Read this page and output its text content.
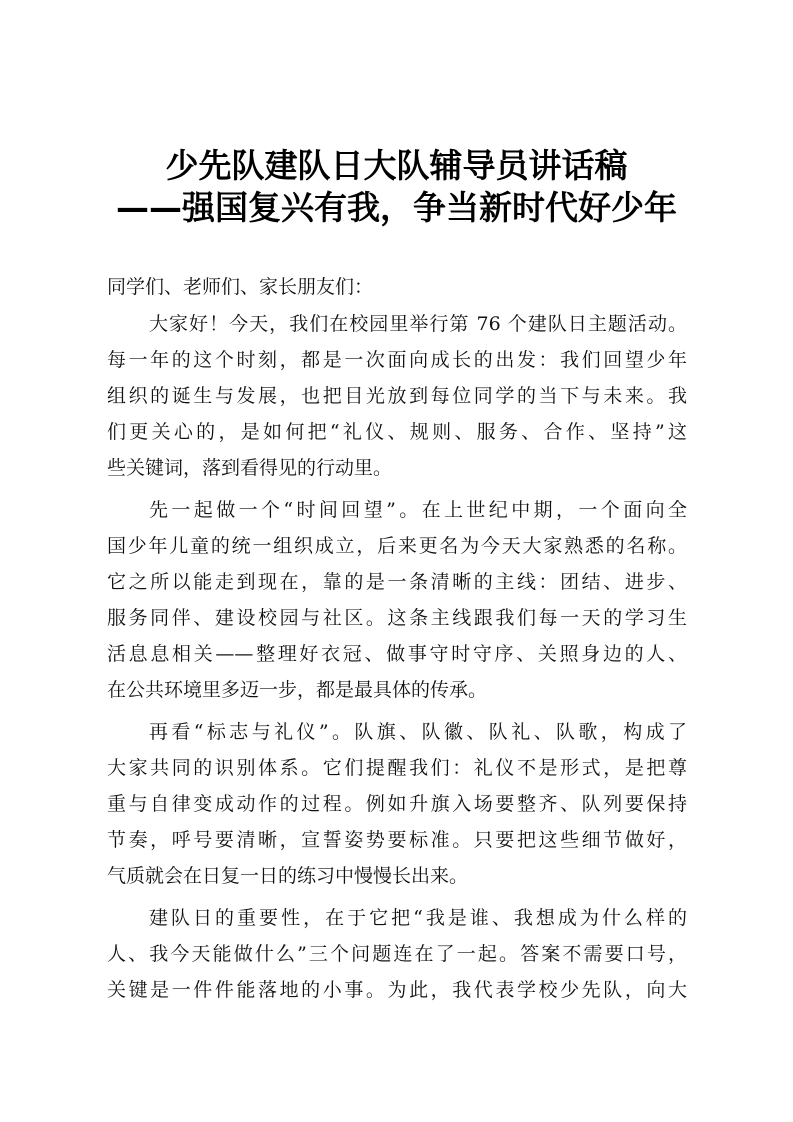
少先队建队日大队辅导员讲话稿
——强国复兴有我，争当新时代好少年
同学们、老师们、家长朋友们：
大家好！今天，我们在校园里举行第 76 个建队日主题活动。
每一年的这个时刻，都是一次面向成长的出发：我们回望少年
组织的诞生与发展，也把目光放到每位同学的当下与未来。我
们更关心的，是如何把“礼仪、规则、服务、合作、坚持”这
些关键词，落到看得见的行动里。
先一起做一个“时间回望”。在上世纪中期，一个面向全
国少年儿童的统一组织成立，后来更名为今天大家熟悉的名称。
它之所以能走到现在，靠的是一条清晰的主线：团结、进步、
服务同伴、建设校园与社区。这条主线跟我们每一天的学习生
活息息相关——整理好衣冠、做事守时守序、关照身边的人、
在公共环境里多迈一步，都是最具体的传承。
再看“标志与礼仪”。队旗、队徽、队礼、队歌，构成了
大家共同的识别体系。它们提醒我们：礼仪不是形式，是把尊
重与自律变成动作的过程。例如升旗入场要整齐、队列要保持
节奏，呼号要清晰，宣誓姿势要标准。只要把这些细节做好，
气质就会在日复一日的练习中慢慢长出来。
建队日的重要性，在于它把“我是谁、我想成为什么样的
人、我今天能做什么”三个问题连在了一起。答案不需要口号，
关键是一件件能落地的小事。为此，我代表学校少先队，向大
